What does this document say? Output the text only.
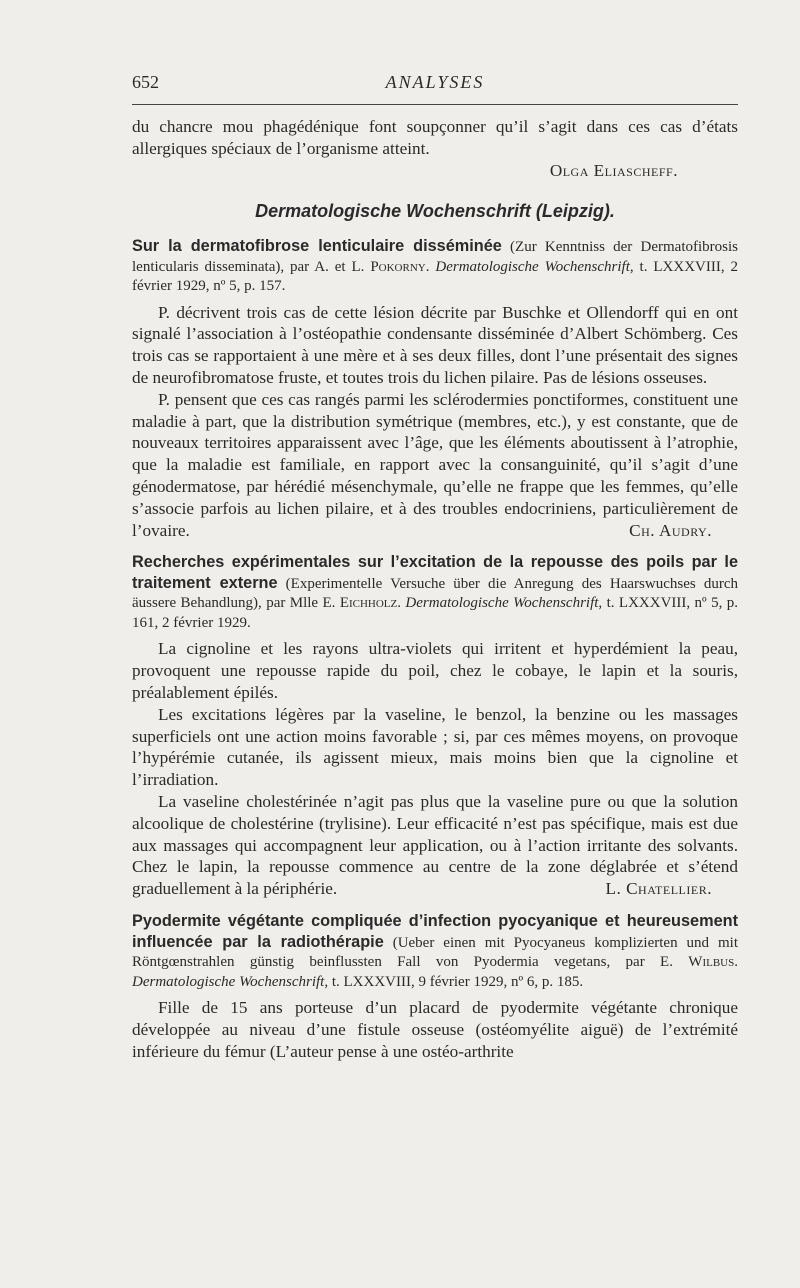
652	ANALYSES

du chancre mou phagédénique font soupçonner qu’il s’agit dans ces cas d’états allergiques spéciaux de l’organisme atteint.

Olga Eliascheff.

Dermatologische Wochenschrift (Leipzig).

Sur la dermatofibrose lenticulaire disséminée (Zur Kenntniss der Dermatofibrosis lenticularis disseminata), par A. et L. Pokorny. Dermatologische Wochenschrift, t. LXXXVIII, 2 février 1929, nº 5, p. 157.

P. décrivent trois cas de cette lésion décrite par Buschke et Ollendorff qui en ont signalé l’association à l’ostéopathie condensante disséminée d’Albert Schömberg. Ces trois cas se rapportaient à une mère et à ses deux filles, dont l’une présentait des signes de neurofibromatose fruste, et toutes trois du lichen pilaire. Pas de lésions osseuses.

P. pensent que ces cas rangés parmi les sclérodermies ponctiformes, constituent une maladie à part, que la distribution symétrique (membres, etc.), y est constante, que de nouveaux territoires apparaissent avec l’âge, que les éléments aboutissent à l’atrophie, que la maladie est familiale, en rapport avec la consanguinité, qu’il s’agit d’une génodermatose, par hérédié mésenchymale, qu’elle ne frappe que les femmes, qu’elle s’associe parfois au lichen pilaire, et à des troubles endocriniens, particulièrement de l’ovaire.	Ch. Audry.

Recherches expérimentales sur l’excitation de la repousse des poils par le traitement externe (Experimentelle Versuche über die Anregung des Haarswuchses durch äussere Behandlung), par Mlle E. Eichholz. Dermatologische Wochenschrift, t. LXXXVIII, nº 5, p. 161, 2 février 1929.

La cignoline et les rayons ultra-violets qui irritent et hyperdémient la peau, provoquent une repousse rapide du poil, chez le cobaye, le lapin et la souris, préalablement épilés.

Les excitations légères par la vaseline, le benzol, la benzine ou les massages superficiels ont une action moins favorable ; si, par ces mêmes moyens, on provoque l’hypérémie cutanée, ils agissent mieux, mais moins bien que la cignoline et l’irradiation.

La vaseline cholestérinée n’agit pas plus que la vaseline pure ou que la solution alcoolique de cholestérine (trylisine). Leur efficacité n’est pas spécifique, mais est due aux massages qui accompagnent leur application, ou à l’action irritante des solvants. Chez le lapin, la repousse commence au centre de la zone déglabrée et s’étend graduellement à la périphérie.	L. Chatellier.

Pyodermite végétante compliquée d’infection pyocyanique et heureusement influencée par la radiothérapie (Ueber einen mit Pyocyaneus komplizierten und mit Röntgœnstrahlen günstig beinflussten Fall von Pyodermia vegetans, par E. Wilbus. Dermatologische Wochenschrift, t. LXXXVIII, 9 février 1929, nº 6, p. 185.

Fille de 15 ans porteuse d’un placard de pyodermite végétante chronique développée au niveau d’une fistule osseuse (ostéomyélite aiguë) de l’extrémité inférieure du fémur (L’auteur pense à une ostéo-arthrite
